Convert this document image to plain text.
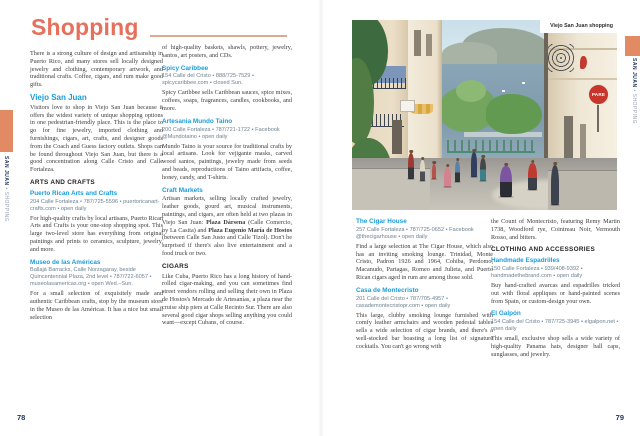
SAN JUAN • SHOPPING
SAN JUAN • SHOPPING
Shopping

There is a strong culture of design and artisanship in Puerto Rico, and many stores sell locally designed jewelry and clothing, contemporary artwork, and traditional crafts. Coffee, cigars, and rum make good gifts.

Viejo San Juan

Visitors love to shop in Viejo San Juan because it offers the widest variety of unique shopping options in one pedestrian-friendly place. This is the place to go for fine jewelry, imported clothing and furnishings, cigars, art, crafts, and designer goods from the Coach and Guess factory outlets. Shops can be found throughout Viejo San Juan, but there is a good concentration along Calle Cristo and Calle Fortaleza.

ARTS AND CRAFTS
Puerto Rican Arts and Crafts
204 Calle Fortaleza • 787/725-5596 • puertoricanart-crafts.com • open daily

For high-quality crafts by local artisans, Puerto Rican Arts and Crafts is your one-stop shopping spot. This large two-level store has everything from original paintings and prints to ceramics, sculpture, jewelry, and more.

Museo de las Américas
Ballajá Barracks, Calle Norzagaray, beside Quincentennial Plaza, 2nd level • 787/722-6057 • museolasamericas.org • open Wed.–Sun.

For a small selection of exquisitely made and authentic Caribbean crafts, stop by the museum store in the Museo de las Américas. It has a nice but small selection

of high-quality baskets, shawls, pottery, jewelry, santos, art posters, and CDs.

Spicy Caribbee
154 Calle del Cristo • 888/725-7529 • spicycaribbee.com • closed Sun.

Spicy Caribbee sells Caribbean sauces, spice mixes, coffees, soaps, fragrances, candles, cookbooks, and more.

Artesania Mundo Taino
200 Calle Fortaleza • 787/721-1722 • Facebook @Mundotaino • open daily

Mundo Taino is your source for traditional crafts by local artisans. Look for vejigante masks, carved wood santos, paintings, jewelry made from seeds and beads, reproductions of Taino artifacts, coffee, honey, candy, and T-shirts.

Craft Markets

Artisan markets, selling locally crafted jewelry, leather goods, gourd art, musical instruments, paintings, and cigars, are often held at two plazas in Viejo San Juan: Plaza Dársena (Calle Comercio, by La Casita) and Plaza Eugenio María de Hostos (between Calle San Justo and Calle Tizol). Don't be surprised if there's also live entertainment and a food truck or two.

CIGARS

Like Cuba, Puerto Rico has a long history of hand-rolled cigar-making, and you can sometimes find street vendors rolling and selling their own in Plaza de Hostos's Mercado de Artesanías, a plaza near the cruise ship piers at Calle Recinto Sur. There are also several good cigar shops selling anything you could want—except Cubans, of course.

PARE
Viejo San Juan shopping
The Cigar House
257 Calle Fortaleza • 787/725-0652 • Facebook @thecigarhouse • open daily

Find a large selection at The Cigar House, which also has an inviting smoking lounge. Trinidad, Monte Cristo, Padron 1926 and 1964, Cohiba, Perdomo, Macanudo, Partagas, Romeo and Julieta, and Puerto Rican cigars aged in rum are among those sold.

Casa de Montecristo
201 Calle del Cristo • 787/705-4957 • casademontecristopr.com • open daily

This large, clubby smoking lounge furnished with comfy leather armchairs and wooden pedestal tables sells a wide selection of cigar brands, and there's a well-stocked bar boasting a long list of signature cocktails. You can't go wrong with

the Count of Montecristo, featuring Remy Martin 1738, Woodford rye, Cointreau Noir, Vermouth Rosso, and bitters.

CLOTHING AND ACCESSORIES
Handmade Espadrilles
150 Calle Fortaleza • 939/408-9392 • handmadethebrand.com • open daily

Buy hand-crafted avarcas and espadrilles tricked out with floral appliques or hand-painted scenes from Spain, or custom-design your own.

El Galpón
154 Calle del Cristo • 787/725-3945 • elgalpon.net • open daily

This small, exclusive shop sells a wide variety of high-quality Panama hats, designer ball caps, sunglasses, and jewelry.

78	79
